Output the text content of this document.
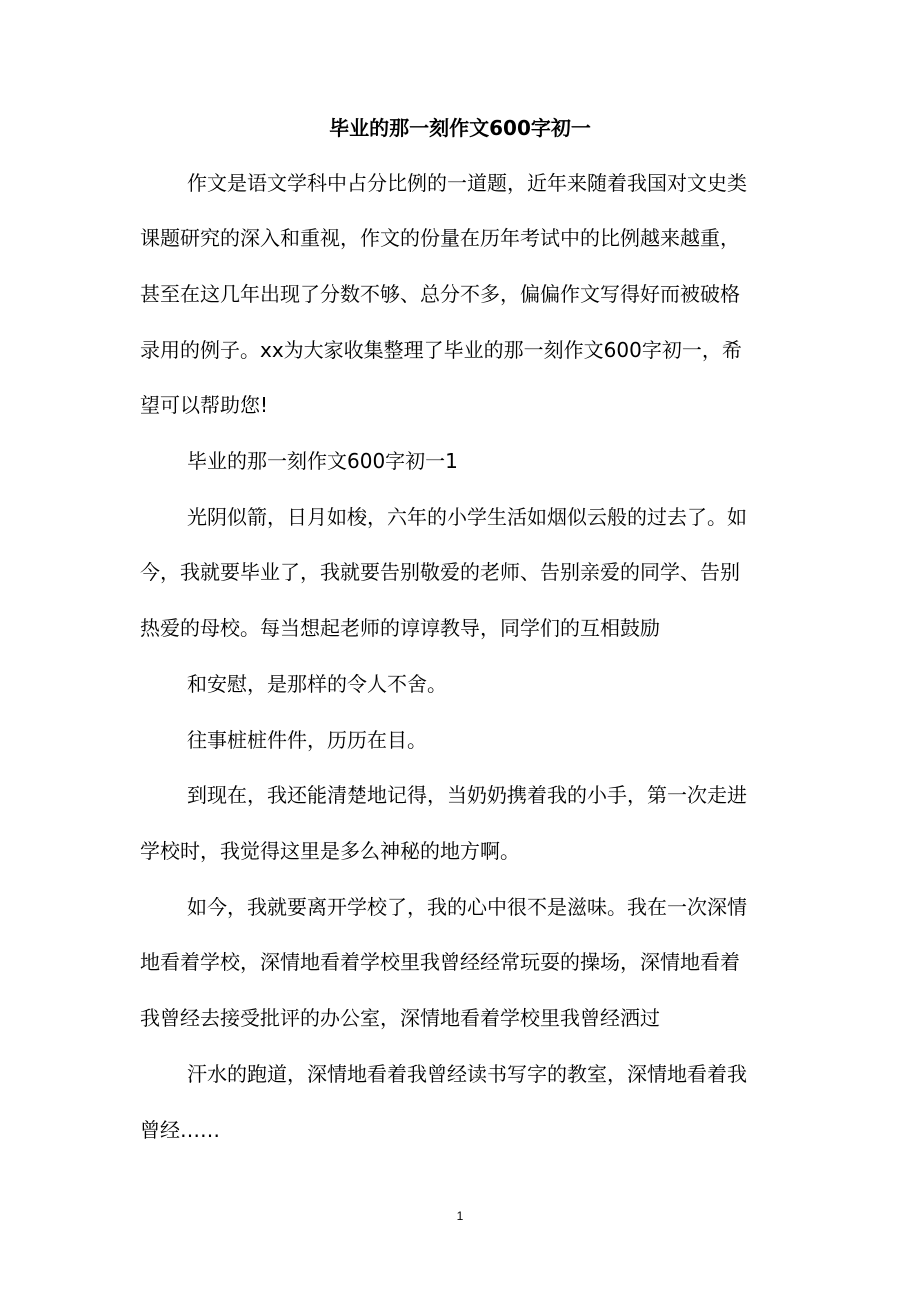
毕业的那一刻作文600字初一

作文是语文学科中占分比例的一道题，近年来随着我国对文史类

课题研究的深入和重视，作文的份量在历年考试中的比例越来越重，

甚至在这几年出现了分数不够、总分不多，偏偏作文写得好而被破格

录用的例子。xx为大家收集整理了毕业的那一刻作文600字初一，希

望可以帮助您!

毕业的那一刻作文600字初一1

光阴似箭，日月如梭，六年的小学生活如烟似云般的过去了。如

今，我就要毕业了，我就要告别敬爱的老师、告别亲爱的同学、告别

热爱的母校。每当想起老师的谆谆教导，同学们的互相鼓励

和安慰，是那样的令人不舍。

往事桩桩件件，历历在目。

到现在，我还能清楚地记得，当奶奶携着我的小手，第一次走进

学校时，我觉得这里是多么神秘的地方啊。

如今，我就要离开学校了，我的心中很不是滋味。我在一次深情

地看着学校，深情地看着学校里我曾经经常玩耍的操场，深情地看着

我曾经去接受批评的办公室，深情地看着学校里我曾经洒过

汗水的跑道，深情地看着我曾经读书写字的教室，深情地看着我

曾经……

1
